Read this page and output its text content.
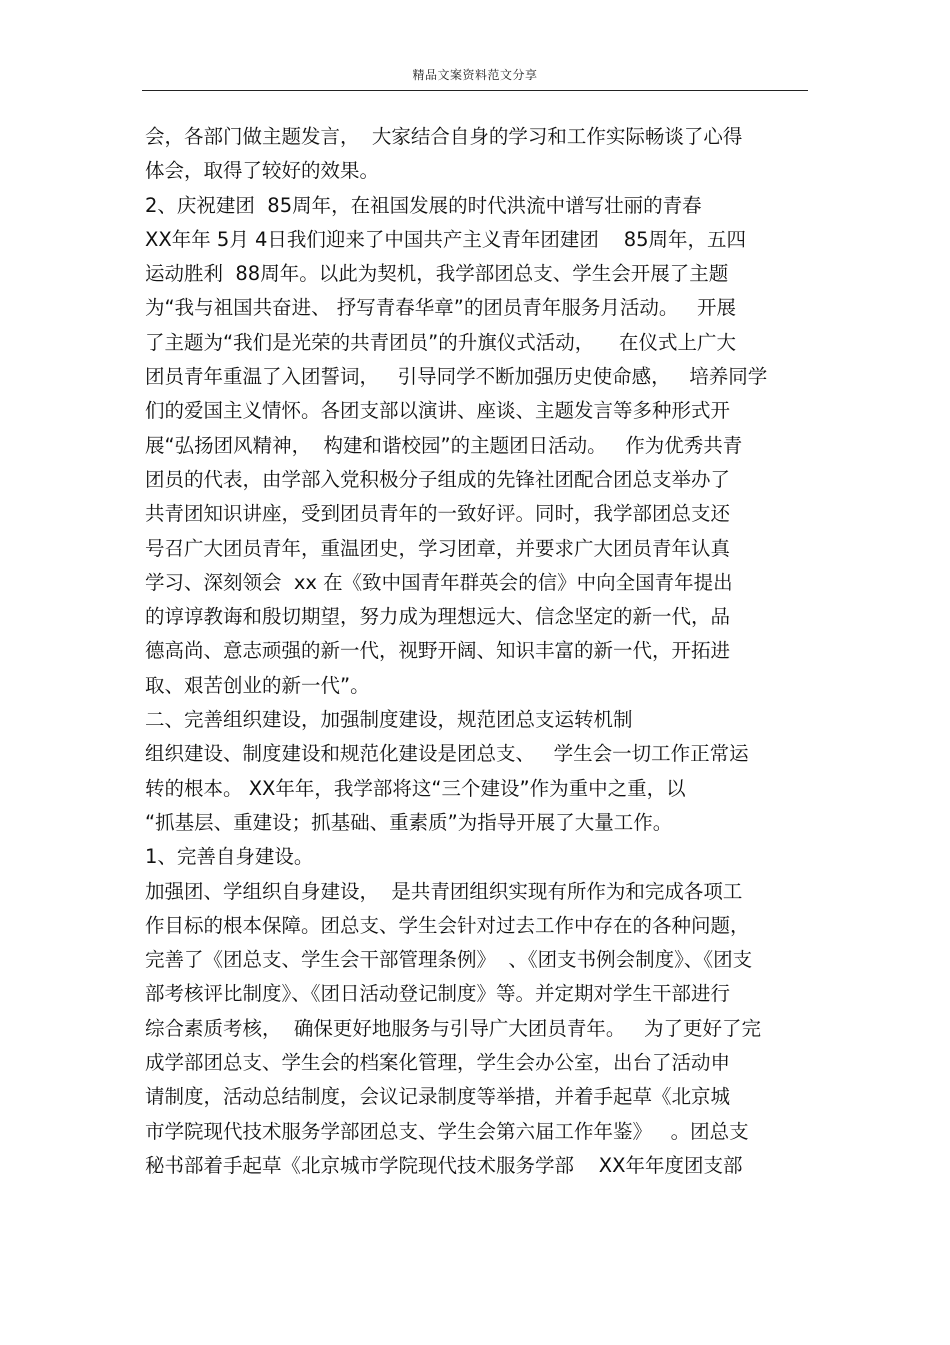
精品文案资料范文分享
会，各部门做主题发言，  大家结合自身的学习和工作实际畅谈了心得
体会，取得了较好的效果。
2、庆祝建团  85周年，在祖国发展的时代洪流中谱写壮丽的青春
XX年年 5月 4日我们迎来了中国共产主义青年团建团    85周年，五四
运动胜利  88周年。以此为契机，我学部团总支、学生会开展了主题
为“我与祖国共奋进、 抒写青春华章”的团员青年服务月活动。   开展
了主题为“我们是光荣的共青团员”的升旗仪式活动，    在仪式上广大
团员青年重温了入团誓词，   引导同学不断加强历史使命感，   培养同学
们的爱国主义情怀。各团支部以演讲、座谈、主题发言等多种形式开
展“弘扬团风精神，  构建和谐校园”的主题团日活动。   作为优秀共青
团员的代表，由学部入党积极分子组成的先锋社团配合团总支举办了
共青团知识讲座，受到团员青年的一致好评。同时，我学部团总支还
号召广大团员青年，重温团史，学习团章，并要求广大团员青年认真
学习、深刻领会  xx 在《致中国青年群英会的信》中向全国青年提出
的谆谆教诲和殷切期望，努力成为理想远大、信念坚定的新一代，品
德高尚、意志顽强的新一代，视野开阔、知识丰富的新一代，开拓进
取、艰苦创业的新一代”。
二、完善组织建设，加强制度建设，规范团总支运转机制
组织建设、制度建设和规范化建设是团总支、   学生会一切工作正常运
转的根本。 XX年年，我学部将这“三个建设”作为重中之重，以
“抓基层、重建设；抓基础、重素质”为指导开展了大量工作。
1、完善自身建设。
加强团、学组织自身建设，  是共青团组织实现有所作为和完成各项工
作目标的根本保障。团总支、学生会针对过去工作中存在的各种问题，
完善了《团总支、学生会干部管理条例》  、《团支书例会制度》、《团支
部考核评比制度》、《团日活动登记制度》等。并定期对学生干部进行
综合素质考核，  确保更好地服务与引导广大团员青年。   为了更好了完
成学部团总支、学生会的档案化管理，学生会办公室，出台了活动申
请制度，活动总结制度，会议记录制度等举措，并着手起草《北京城
市学院现代技术服务学部团总支、学生会第六届工作年鉴》   。团总支
秘书部着手起草《北京城市学院现代技术服务学部    XX年年度团支部
